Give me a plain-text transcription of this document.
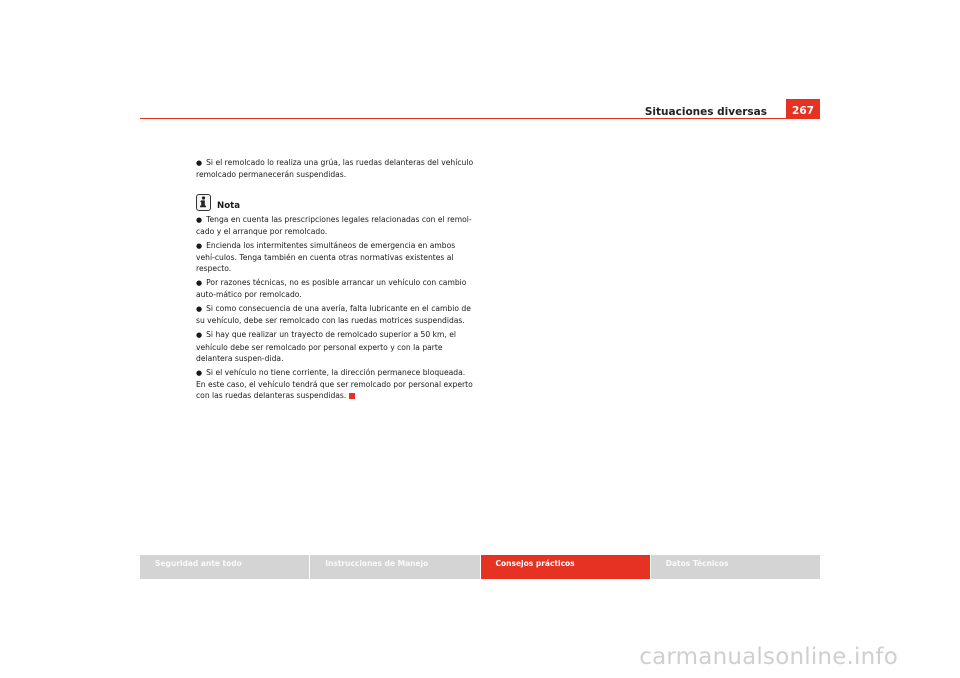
Situaciones diversas	267
● Si el remolcado lo realiza una grúa, las ruedas delanteras del vehículo remolcado permanecerán suspendidas.
Nota
● Tenga en cuenta las prescripciones legales relacionadas con el remol-cado y el arranque por remolcado.
● Encienda los intermitentes simultáneos de emergencia en ambos vehí-culos. Tenga también en cuenta otras normativas existentes al respecto.
● Por razones técnicas, no es posible arrancar un vehículo con cambio auto-mático por remolcado.
● Si como consecuencia de una avería, falta lubricante en el cambio de su vehículo, debe ser remolcado con las ruedas motrices suspendidas.
● Si hay que realizar un trayecto de remolcado superior a 50 km, el vehículo debe ser remolcado por personal experto y con la parte delantera suspen-dida.
● Si el vehículo no tiene corriente, la dirección permanece bloqueada. En este caso, el vehículo tendrá que ser remolcado por personal experto con las ruedas delanteras suspendidas.
Seguridad ante todo	Instrucciones de Manejo	Consejos prácticos	Datos Técnicos
carmanualsonline.info
